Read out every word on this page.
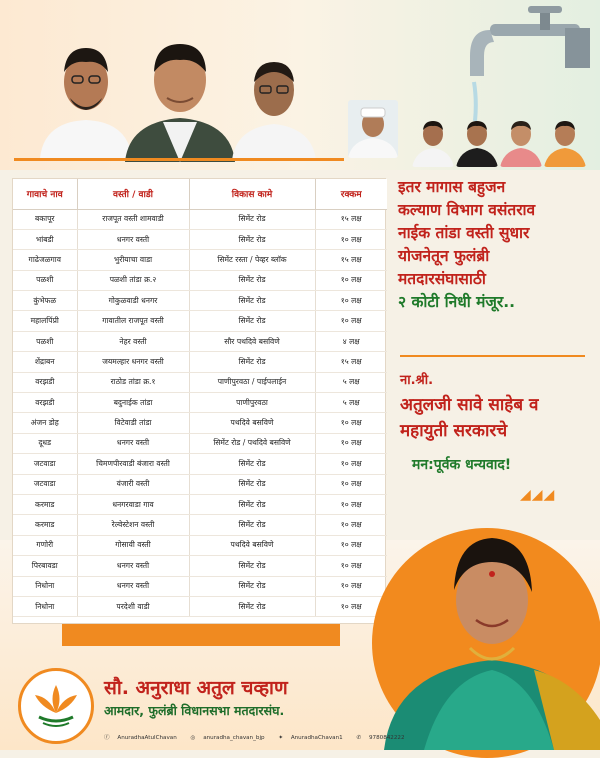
गावाचे नाव	वस्ती / वाडी	विकास कामे	रक्कम
बकापूर	राजपूत वस्ती शामवाडी	सिमेंट रोड	१५ लक्ष
भांबडी	धनगर वस्ती	सिमेंट रोड	१० लक्ष
गाढेजळगाव	भुरीयाचा वाडा	सिमेंट रस्ता / पेव्हर ब्लॉक	१५ लक्ष
पळशी	पळशी तांडा क्र.२	सिमेंट रोड	१० लक्ष
कुंभेफळ	गोकुळवाडी धनगर	सिमेंट रोड	१० लक्ष
महालपिंप्री	गावातील राजपूत वस्ती	सिमेंट रोड	१० लक्ष
पळशी	नेहर वस्ती	सौर पथदिवे बसविणे	४ लक्ष
शेंद्राबन	जयमल्हार धनगर वस्ती	सिमेंट रोड	१५ लक्ष
वरझडी	राठोड तांडा क्र.१	पाणीपुरवठा / पाईपलाईन	५ लक्ष
वरझडी	बदुनाईक तांडा	पाणीपुरवठा	५ लक्ष
अंजन डोह	विटेवाडी तांडा	पथदिवे बसविणे	१० लक्ष
दूधड	धनगर वस्ती	सिमेंट रोड / पथदिवे बसविणे	१० लक्ष
जटवाडा	चिमणपीरवाडी बंजारा वस्ती	सिमेंट रोड	१० लक्ष
जटवाडा	वंजारी वस्ती	सिमेंट रोड	१० लक्ष
करमाड	धनगरवाडा गाव	सिमेंट रोड	१० लक्ष
करमाड	रेल्वेस्टेशन वस्ती	सिमेंट रोड	१० लक्ष
गणोरी	गोसावी वस्ती	पथदिवे बसविणे	१० लक्ष
पिरबावडा	धनगर वस्ती	सिमेंट रोड	१० लक्ष
निधोना	धनगर वस्ती	सिमेंट रोड	१० लक्ष
निधोना	परदेशी वाडी	सिमेंट रोड	१० लक्ष
इतर मागास बहुजन
कल्याण विभाग वसंतराव
नाईक तांडा वस्ती सुधार
योजनेतून फुलंब्री
मतदारसंघासाठी
२ कोटी निधी मंजूर..
ना.श्री.
अतुलजी सावे साहेब व
महायुती सरकारचे
मन:पूर्वक धन्यवाद!
◢◢◢
सौ. अनुराधा अतुल चव्हाण
आमदार, फुलंब्री विधानसभा मतदारसंघ.
ⓕ AnuradhaAtulChavan ◎ anuradha_chavan_bjp ✦ AnuradhaChavan1 ✆ 9780842222
